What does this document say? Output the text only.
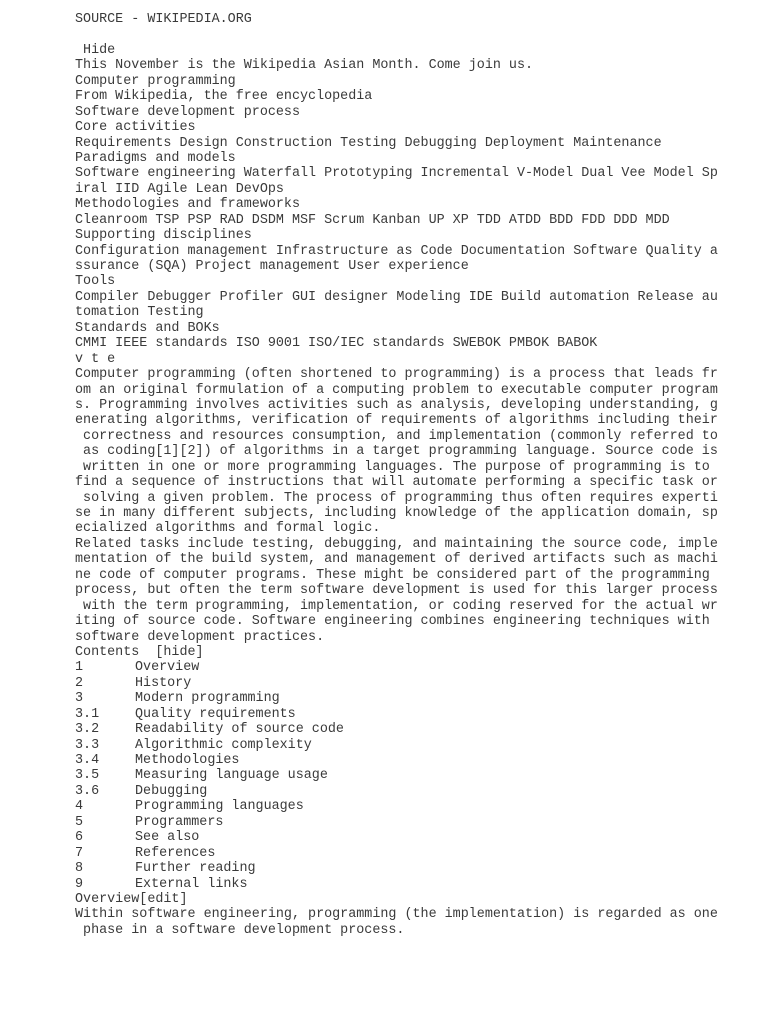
SOURCE - WIKIPEDIA.ORG
Hide
This November is the Wikipedia Asian Month. Come join us.
Computer programming
From Wikipedia, the free encyclopedia
Software development process
Core activities
Requirements Design Construction Testing Debugging Deployment Maintenance
Paradigms and models
Software engineering Waterfall Prototyping Incremental V-Model Dual Vee Model Sp
iral IID Agile Lean DevOps
Methodologies and frameworks
Cleanroom TSP PSP RAD DSDM MSF Scrum Kanban UP XP TDD ATDD BDD FDD DDD MDD
Supporting disciplines
Configuration management Infrastructure as Code Documentation Software Quality a
ssurance (SQA) Project management User experience
Tools
Compiler Debugger Profiler GUI designer Modeling IDE Build automation Release au
tomation Testing
Standards and BOKs
CMMI IEEE standards ISO 9001 ISO/IEC standards SWEBOK PMBOK BABOK
v t e
Computer programming (often shortened to programming) is a process that leads fr
om an original formulation of a computing problem to executable computer program
s. Programming involves activities such as analysis, developing understanding, g
enerating algorithms, verification of requirements of algorithms including their
correctness and resources consumption, and implementation (commonly referred to
as coding[1][2]) of algorithms in a target programming language. Source code is
written in one or more programming languages. The purpose of programming is to
find a sequence of instructions that will automate performing a specific task or
solving a given problem. The process of programming thus often requires experti
se in many different subjects, including knowledge of the application domain, sp
ecialized algorithms and formal logic.
Related tasks include testing, debugging, and maintaining the source code, imple
mentation of the build system, and management of derived artifacts such as machi
ne code of computer programs. These might be considered part of the programming
process, but often the term software development is used for this larger process
with the term programming, implementation, or coding reserved for the actual wr
iting of source code. Software engineering combines engineering techniques with
software development practices.
Contents  [hide]
1	Overview
2	History
3	Modern programming
3.1	Quality requirements
3.2	Readability of source code
3.3	Algorithmic complexity
3.4	Methodologies
3.5	Measuring language usage
3.6	Debugging
4	Programming languages
5	Programmers
6	See also
7	References
8	Further reading
9	External links
Overview[edit]
Within software engineering, programming (the implementation) is regarded as one
phase in a software development process.
